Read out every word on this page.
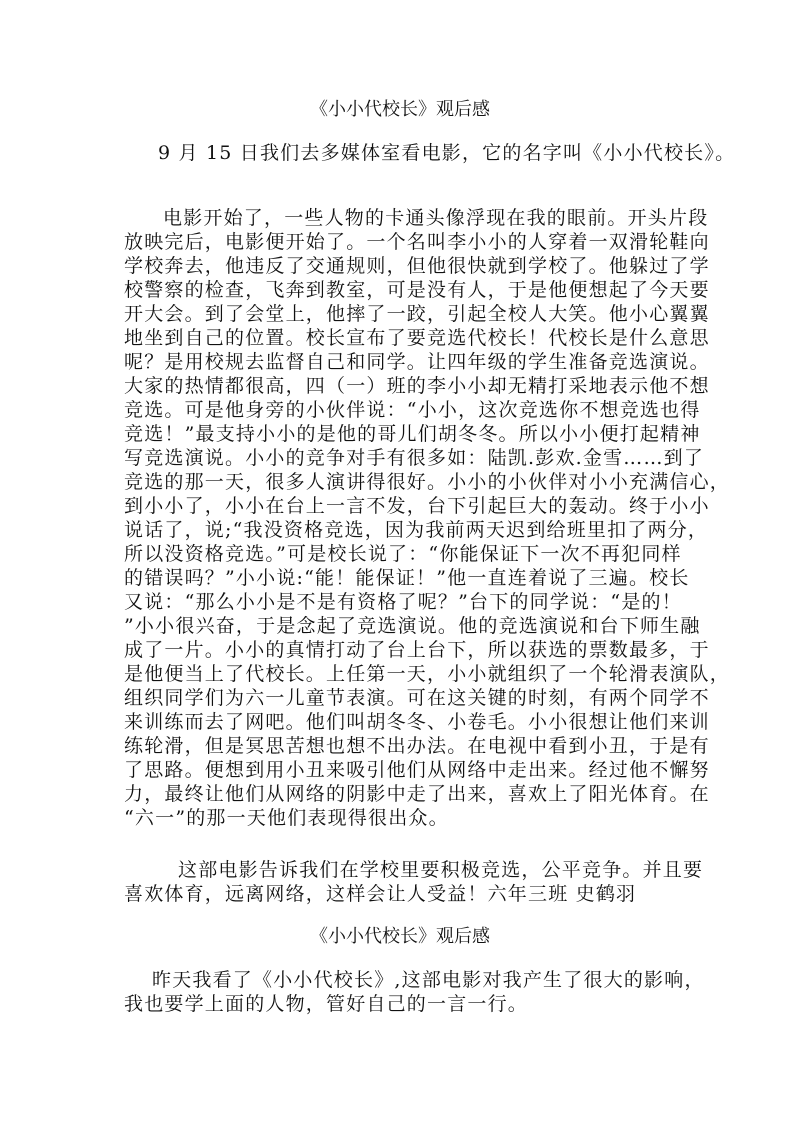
《小小代校长》观后感
9 月 15 日我们去多媒体室看电影，它的名字叫《小小代校长》。
电影开始了，一些人物的卡通头像浮现在我的眼前。开头片段
放映完后，电影便开始了。一个名叫李小小的人穿着一双滑轮鞋向
学校奔去，他违反了交通规则，但他很快就到学校了。他躲过了学
校警察的检查，飞奔到教室，可是没有人，于是他便想起了今天要
开大会。到了会堂上，他摔了一跤，引起全校人大笑。他小心翼翼
地坐到自己的位置。校长宣布了要竞选代校长！代校长是什么意思
呢？是用校规去监督自己和同学。让四年级的学生准备竞选演说。
大家的热情都很高，四（一）班的李小小却无精打采地表示他不想
竞选。可是他身旁的小伙伴说：“小小，这次竞选你不想竞选也得
竞选！”最支持小小的是他的哥儿们胡冬冬。所以小小便打起精神
写竞选演说。小小的竞争对手有很多如：陆凯.彭欢.金雪……到了
竞选的那一天，很多人演讲得很好。小小的小伙伴对小小充满信心，
到小小了，小小在台上一言不发，台下引起巨大的轰动。终于小小
说话了，说;“我没资格竞选，因为我前两天迟到给班里扣了两分，
所以没资格竞选。”可是校长说了：“你能保证下一次不再犯同样
的错误吗？”小小说:“能！能保证！”他一直连着说了三遍。校长
又说：“那么小小是不是有资格了呢？”台下的同学说：“是的！
”小小很兴奋，于是念起了竞选演说。他的竞选演说和台下师生融
成了一片。小小的真情打动了台上台下，所以获选的票数最多，于
是他便当上了代校长。上任第一天，小小就组织了一个轮滑表演队，
组织同学们为六一儿童节表演。可在这关键的时刻，有两个同学不
来训练而去了网吧。他们叫胡冬冬、小卷毛。小小很想让他们来训
练轮滑，但是冥思苦想也想不出办法。在电视中看到小丑，于是有
了思路。便想到用小丑来吸引他们从网络中走出来。经过他不懈努
力，最终让他们从网络的阴影中走了出来，喜欢上了阳光体育。在
“六一”的那一天他们表现得很出众。
这部电影告诉我们在学校里要积极竞选，公平竞争。并且要
喜欢体育，远离网络，这样会让人受益！六年三班 史鹤羽
《小小代校长》观后感
昨天我看了《小小代校长》,这部电影对我产生了很大的影响，
我也要学上面的人物，管好自己的一言一行。
